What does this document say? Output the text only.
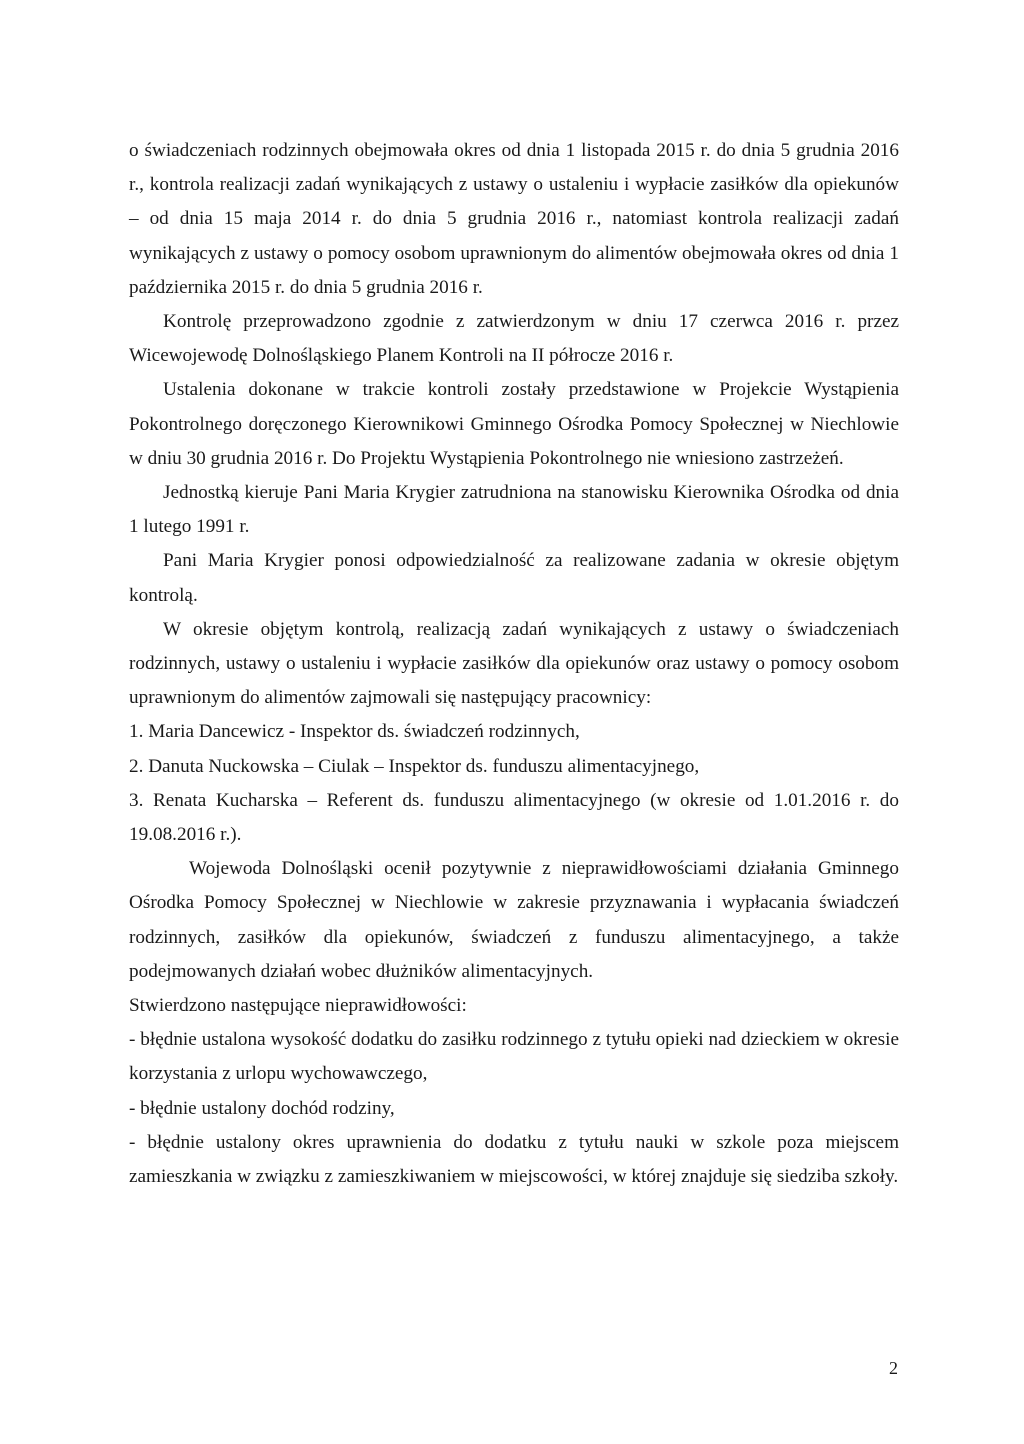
o świadczeniach rodzinnych obejmowała okres od dnia 1 listopada 2015 r. do dnia 5 grudnia 2016 r., kontrola realizacji zadań wynikających z ustawy o ustaleniu i wypłacie zasiłków dla opiekunów – od dnia 15 maja 2014 r. do dnia 5 grudnia 2016 r., natomiast kontrola realizacji zadań wynikających z ustawy o pomocy osobom uprawnionym do alimentów obejmowała okres od dnia 1 października 2015 r. do dnia 5 grudnia 2016 r.

Kontrolę przeprowadzono zgodnie z zatwierdzonym w dniu 17 czerwca 2016 r. przez Wicewojewodę Dolnośląskiego Planem Kontroli na II półrocze 2016 r.

Ustalenia dokonane w trakcie kontroli zostały przedstawione w Projekcie Wystąpienia Pokontrolnego doręczonego Kierownikowi Gminnego Ośrodka Pomocy Społecznej w Niechlowie w dniu 30 grudnia 2016 r. Do Projektu Wystąpienia Pokontrolnego nie wniesiono zastrzeżeń.

Jednostką kieruje Pani Maria Krygier zatrudniona na stanowisku Kierownika Ośrodka od dnia 1 lutego 1991 r.

Pani Maria Krygier ponosi odpowiedzialność za realizowane zadania w okresie objętym kontrolą.

W okresie objętym kontrolą, realizacją zadań wynikających z ustawy o świadczeniach rodzinnych, ustawy o ustaleniu i wypłacie zasiłków dla opiekunów oraz ustawy o pomocy osobom uprawnionym do alimentów zajmowali się następujący pracownicy:

1. Maria Dancewicz - Inspektor ds. świadczeń rodzinnych,

2. Danuta Nuckowska – Ciulak – Inspektor ds. funduszu alimentacyjnego,

3. Renata Kucharska – Referent ds. funduszu alimentacyjnego (w okresie od 1.01.2016 r. do 19.08.2016 r.).

Wojewoda Dolnośląski ocenił pozytywnie z nieprawidłowościami działania Gminnego Ośrodka Pomocy Społecznej w Niechlowie w zakresie przyznawania i wypłacania świadczeń rodzinnych, zasiłków dla opiekunów, świadczeń z funduszu alimentacyjnego, a także podejmowanych działań wobec dłużników alimentacyjnych.

Stwierdzono następujące nieprawidłowości:

- błędnie ustalona wysokość dodatku do zasiłku rodzinnego z tytułu opieki nad dzieckiem w okresie korzystania z urlopu wychowawczego,

- błędnie ustalony dochód rodziny,

- błędnie ustalony okres uprawnienia do dodatku z tytułu nauki w szkole poza miejscem zamieszkania w związku z zamieszkiwaniem w miejscowości, w której znajduje się siedziba szkoły.

2
